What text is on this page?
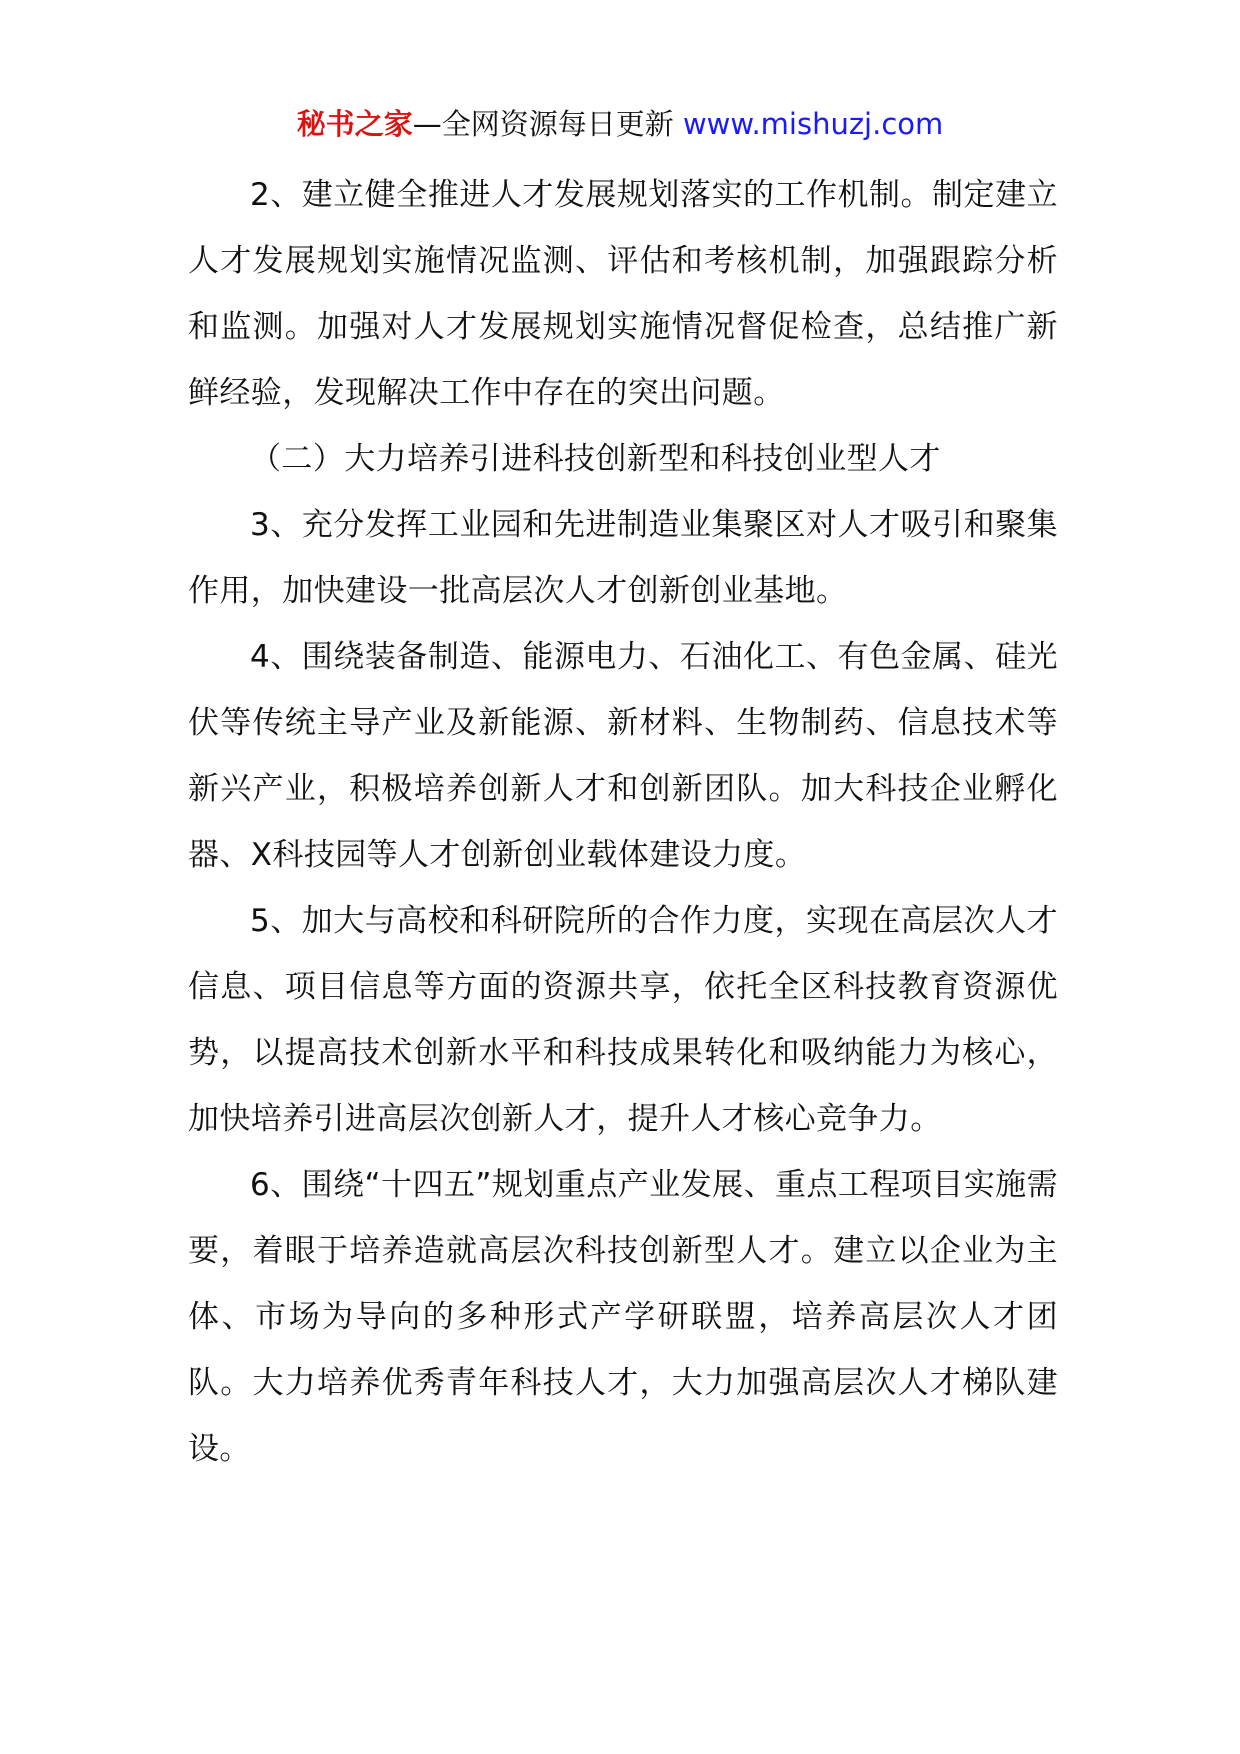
秘书之家—全网资源每日更新 www.mishuzj.com

2、建立健全推进人才发展规划落实的工作机制。制定建立人才发展规划实施情况监测、评估和考核机制，加强跟踪分析和监测。加强对人才发展规划实施情况督促检查，总结推广新鲜经验，发现解决工作中存在的突出问题。

（二）大力培养引进科技创新型和科技创业型人才

3、充分发挥工业园和先进制造业集聚区对人才吸引和聚集作用，加快建设一批高层次人才创新创业基地。

4、围绕装备制造、能源电力、石油化工、有色金属、硅光伏等传统主导产业及新能源、新材料、生物制药、信息技术等新兴产业，积极培养创新人才和创新团队。加大科技企业孵化器、X科技园等人才创新创业载体建设力度。

5、加大与高校和科研院所的合作力度，实现在高层次人才信息、项目信息等方面的资源共享，依托全区科技教育资源优势，以提高技术创新水平和科技成果转化和吸纳能力为核心，加快培养引进高层次创新人才，提升人才核心竞争力。

6、围绕“十四五”规划重点产业发展、重点工程项目实施需要，着眼于培养造就高层次科技创新型人才。建立以企业为主体、市场为导向的多种形式产学研联盟，培养高层次人才团队。大力培养优秀青年科技人才，大力加强高层次人才梯队建设。
